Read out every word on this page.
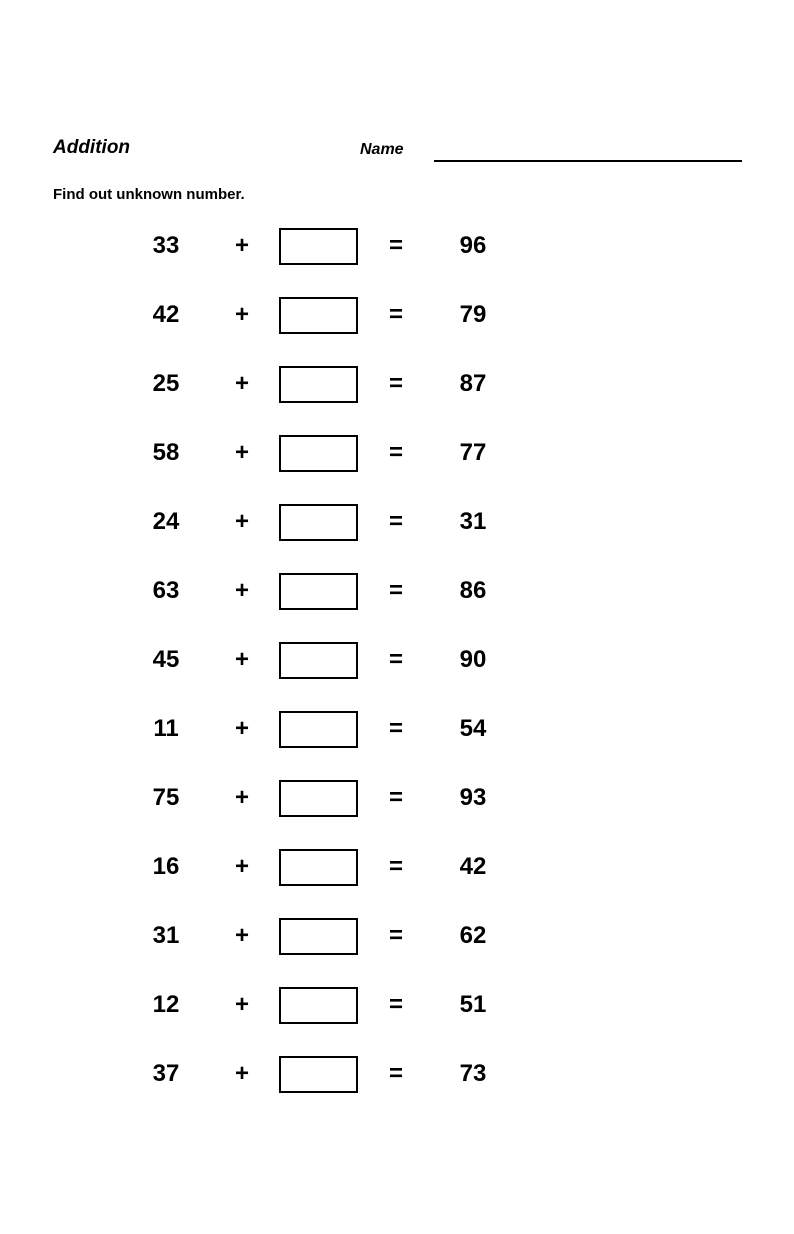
Addition	Name
Find out unknown number.
33	+	=	96
42	+	=	79
25	+	=	87
58	+	=	77
24	+	=	31
63	+	=	86
45	+	=	90
11	+	=	54
75	+	=	93
16	+	=	42
31	+	=	62
12	+	=	51
37	+	=	73
